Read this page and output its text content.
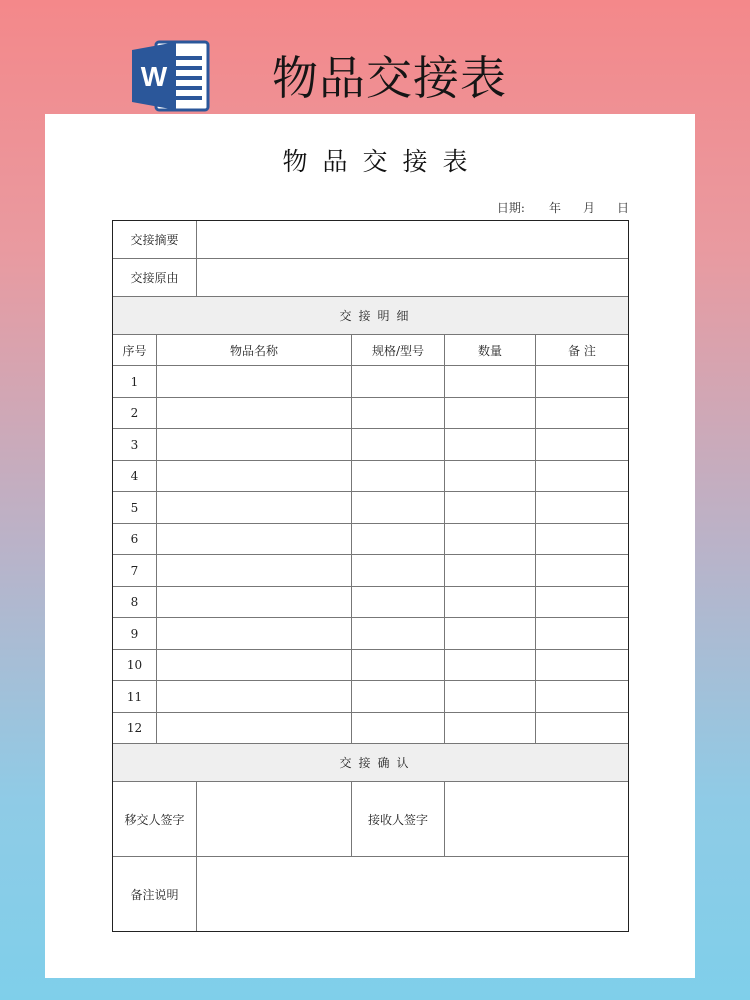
W 物品交接表
物品交接表
日期: 年 月 日
交接摘要
交接原由
交接明细
序号	物品名称	规格/型号	数量	备 注
1
2
3
4
5
6
7
8
9
10
11
12
交接确认
移交人签字	接收人签字
备注说明
